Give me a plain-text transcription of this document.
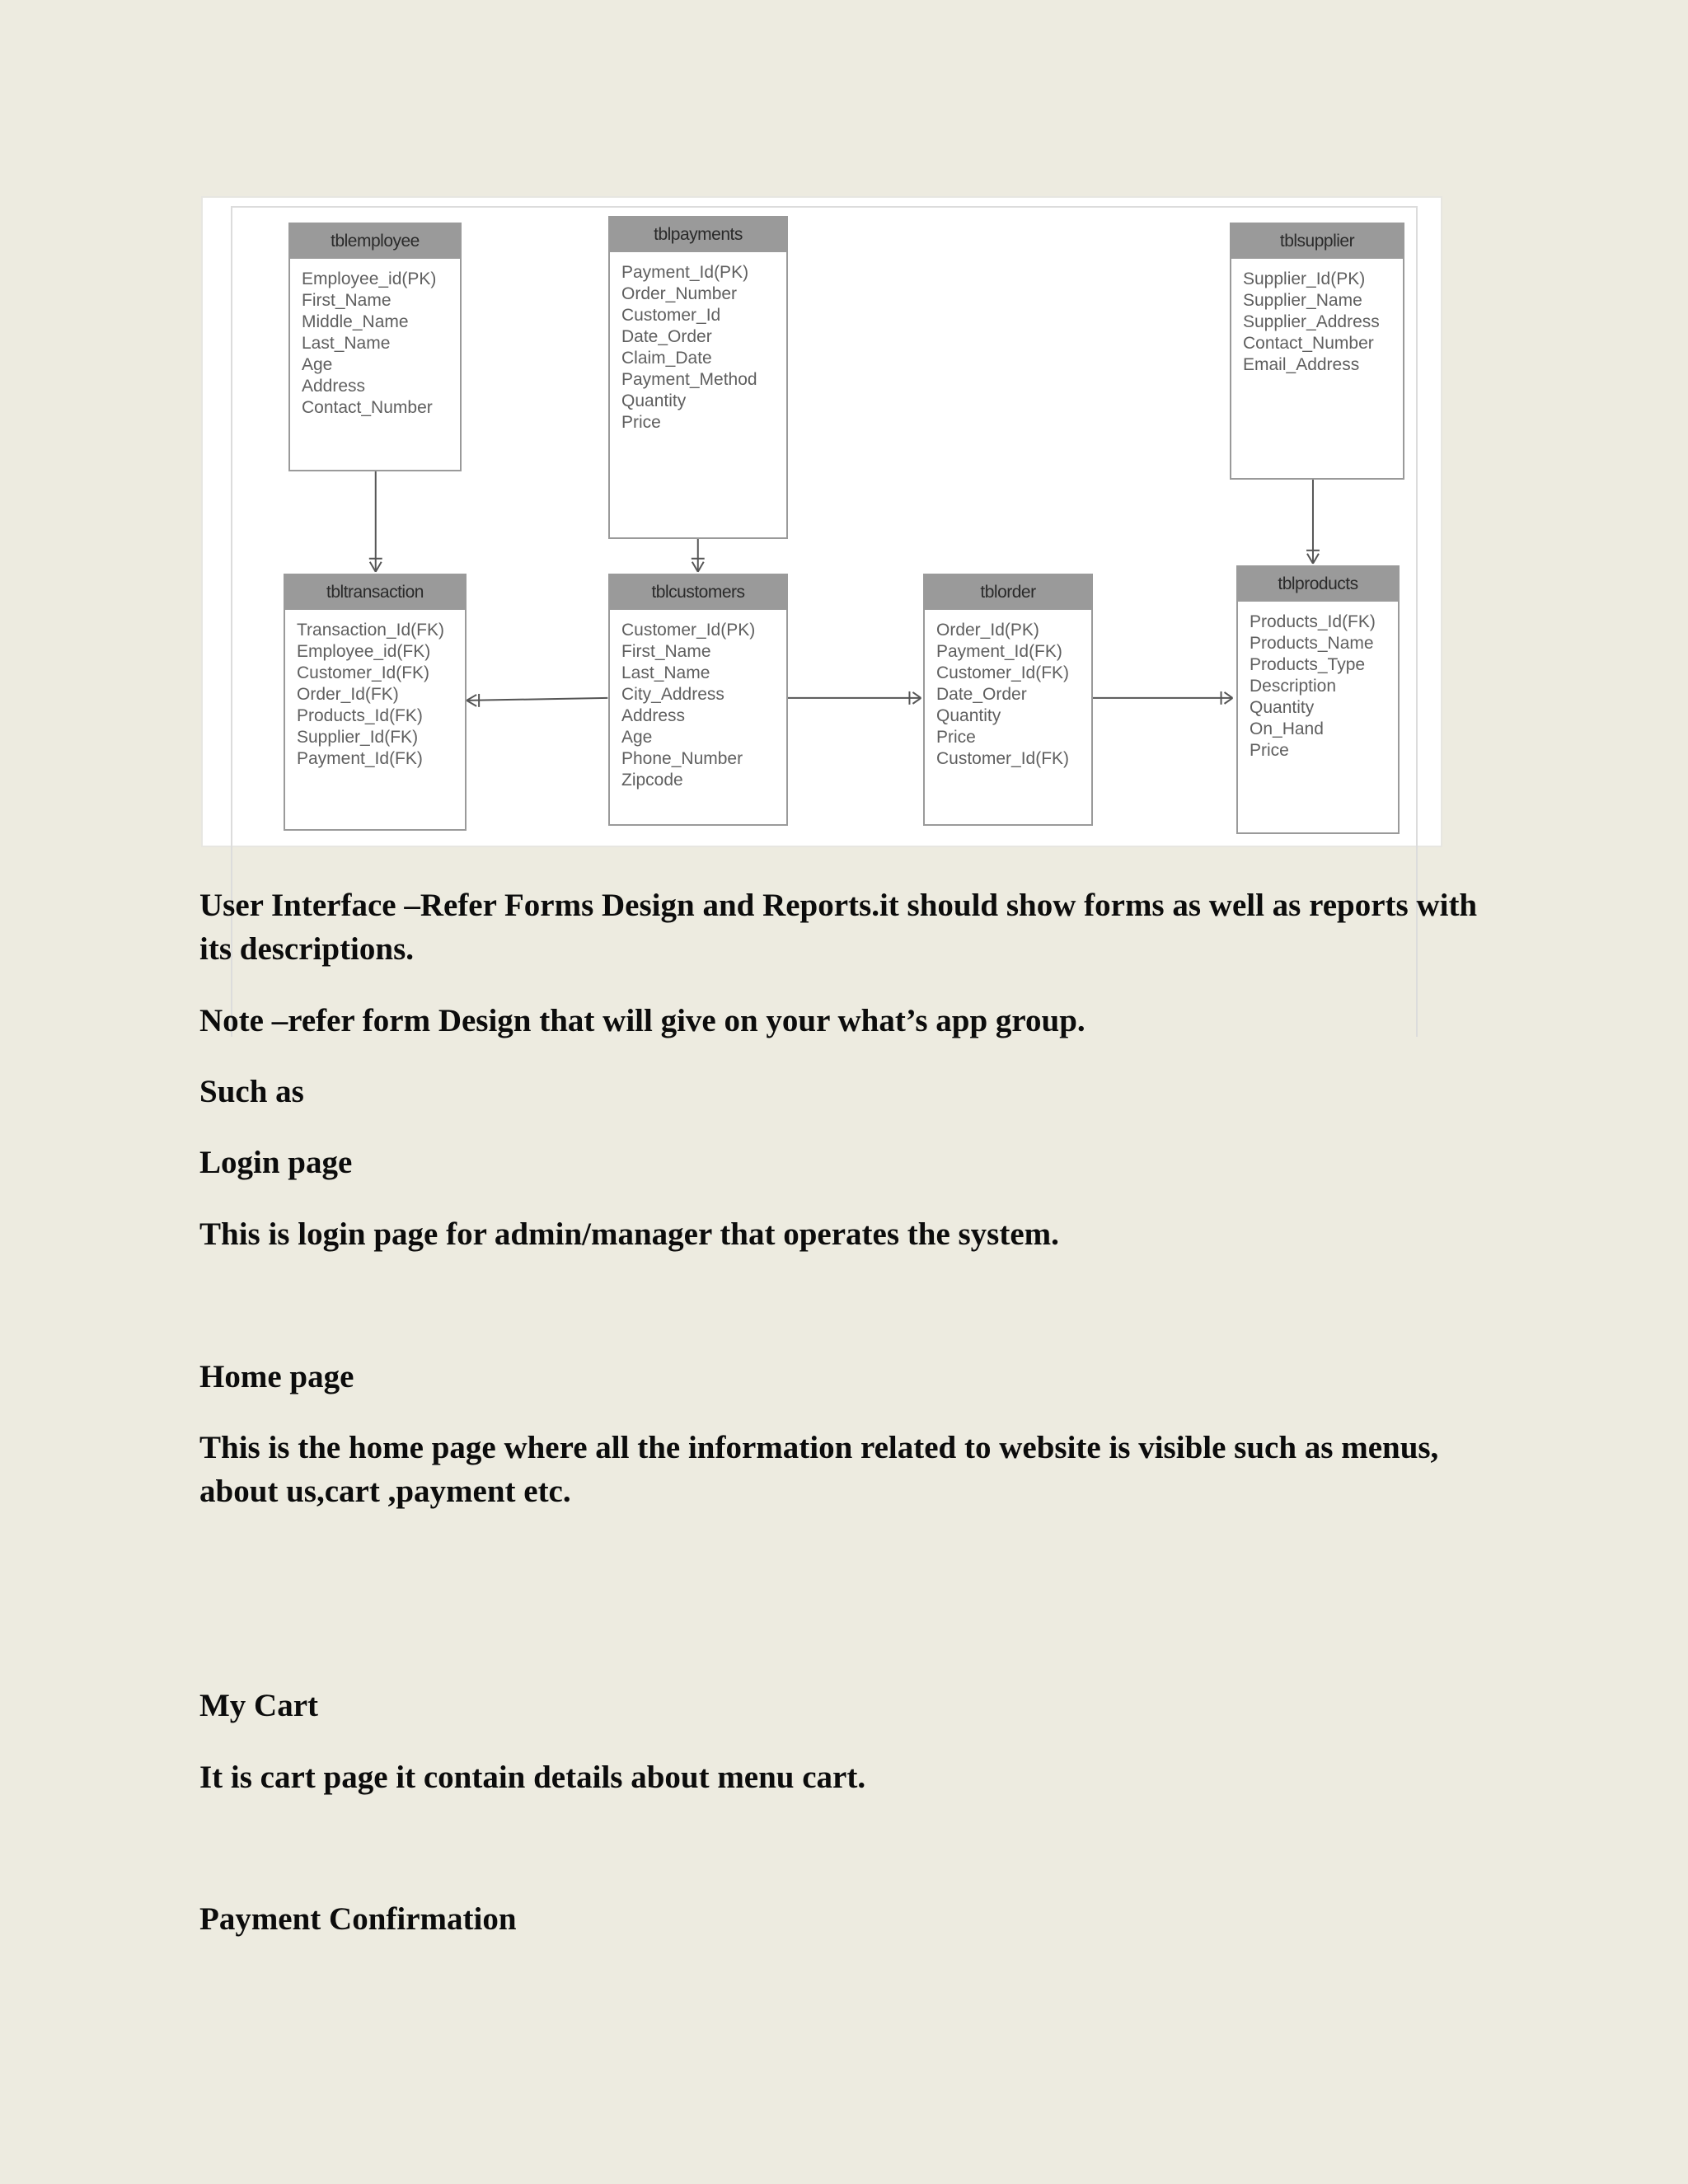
tblemployee
Employee_id(PK)
First_Name
Middle_Name
Last_Name
Age
Address
Contact_Number
tblpayments
Payment_Id(PK)
Order_Number
Customer_Id
Date_Order
Claim_Date
Payment_Method
Quantity
Price
tblsupplier
Supplier_Id(PK)
Supplier_Name
Supplier_Address
Contact_Number
Email_Address
tbltransaction
Transaction_Id(FK)
Employee_id(FK)
Customer_Id(FK)
Order_Id(FK)
Products_Id(FK)
Supplier_Id(FK)
Payment_Id(FK)
tblcustomers
Customer_Id(PK)
First_Name
Last_Name
City_Address
Address
Age
Phone_Number
Zipcode
tblorder
Order_Id(PK)
Payment_Id(FK)
Customer_Id(FK)
Date_Order
Quantity
Price
Customer_Id(FK)
tblproducts
Products_Id(FK)
Products_Name
Products_Type
Description
Quantity
On_Hand
Price

User Interface –Refer Forms Design and Reports.it should show forms as well as reports with its descriptions.

Note –refer form Design that will give on your what’s app group.

Such as

Login page

This is login page for admin/manager that operates the system.

Home page

This is the home page where all the information related to website is visible such as menus, about us,cart ,payment etc.

My Cart

It is cart page it contain details about menu cart.

Payment Confirmation
